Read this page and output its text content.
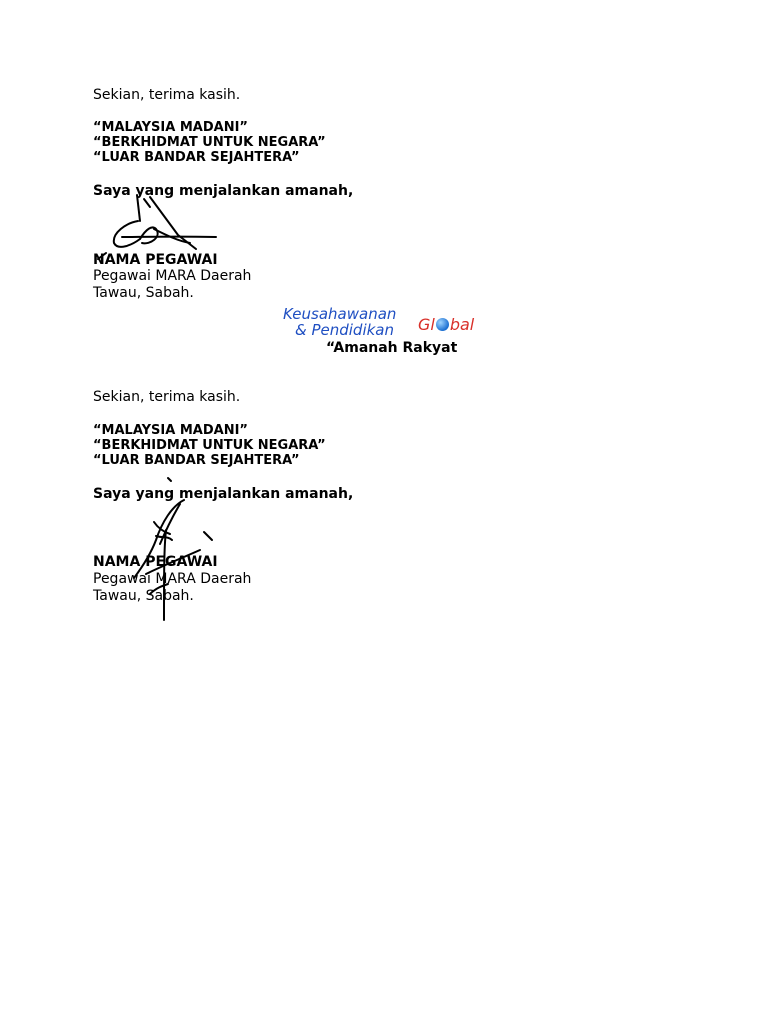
Sekian, terima kasih.
“MALAYSIA MADANI”
“BERKHIDMAT UNTUK NEGARA”
“LUAR BANDAR SEJAHTERA”
Saya yang menjalankan amanah,
NAMA PEGAWAI
Pegawai MARA Daerah
Tawau, Sabah.
Keusahawanan
& Pendidikan Gl bal
“Amanah Rakyat
Sekian, terima kasih.
“MALAYSIA MADANI”
“BERKHIDMAT UNTUK NEGARA”
“LUAR BANDAR SEJAHTERA”
Saya yang menjalankan amanah,
NAMA PEGAWAI
Pegawai MARA Daerah
Tawau, Sabah.
